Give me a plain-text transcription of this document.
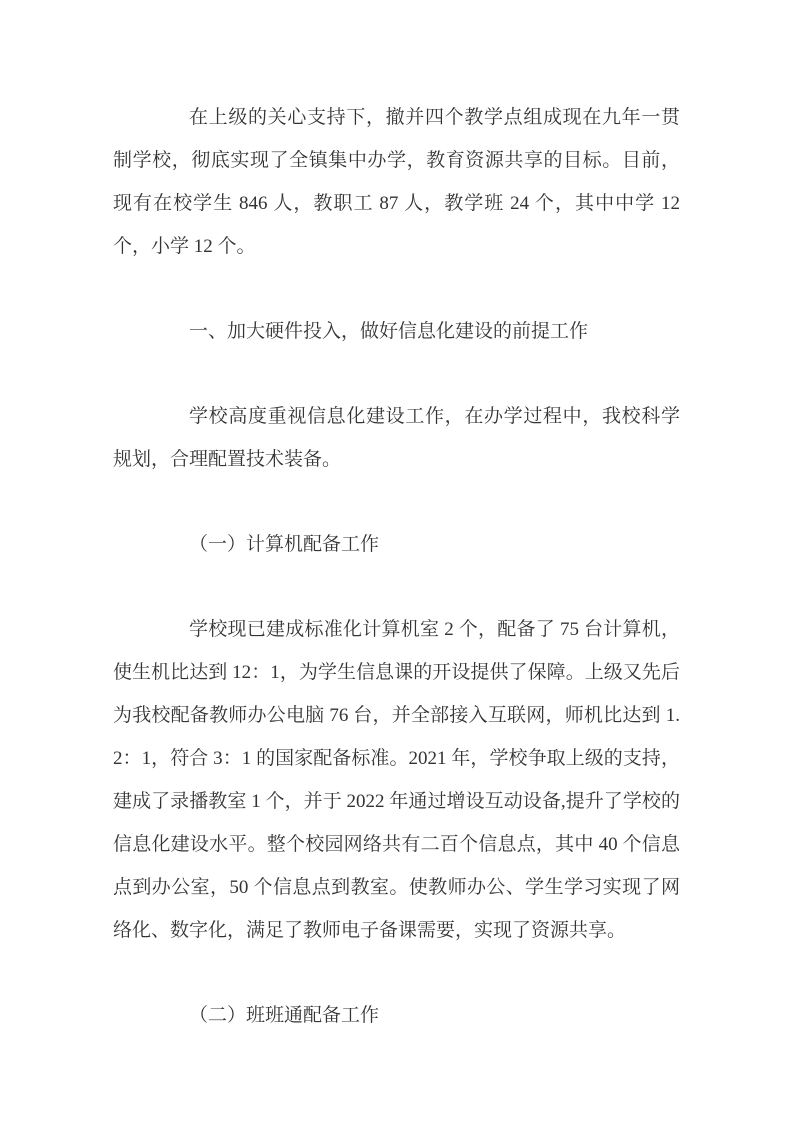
在上级的关心支持下，撤并四个教学点组成现在九年一贯制学校，彻底实现了全镇集中办学，教育资源共享的目标。目前，现有在校学生 846 人，教职工 87 人，教学班 24 个，其中中学 12 个，小学 12 个。

一、加大硬件投入，做好信息化建设的前提工作

学校高度重视信息化建设工作，在办学过程中，我校科学规划，合理配置技术装备。

（一）计算机配备工作

学校现已建成标准化计算机室 2 个，配备了 75 台计算机，使生机比达到 12：1，为学生信息课的开设提供了保障。上级又先后为我校配备教师办公电脑 76 台，并全部接入互联网，师机比达到 1.2：1，符合 3：1 的国家配备标准。2021 年，学校争取上级的支持，建成了录播教室 1 个，并于 2022 年通过增设互动设备,提升了学校的信息化建设水平。整个校园网络共有二百个信息点，其中 40 个信息点到办公室，50 个信息点到教室。使教师办公、学生学习实现了网络化、数字化，满足了教师电子备课需要，实现了资源共享。

（二）班班通配备工作
